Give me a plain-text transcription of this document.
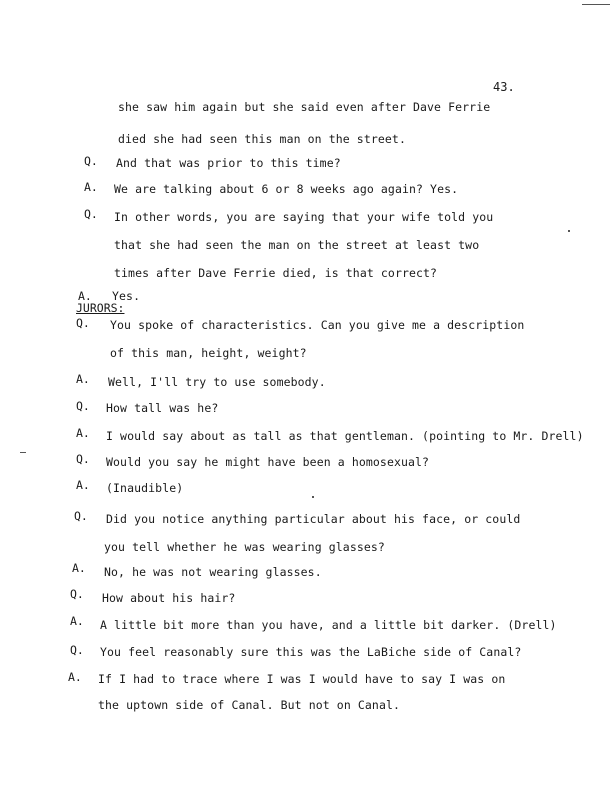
43.
she saw him again but she said even after Dave Ferrie
died she had seen this man on the street.
Q. And that was prior to this time?
A. We are talking about 6 or 8 weeks ago again? Yes.
Q. In other words, you are saying that your wife told you
that she had seen the man on the street at least two
times after Dave Ferrie died, is that correct?
A. Yes.
JURORS:
Q. You spoke of characteristics. Can you give me a description
of this man, height, weight?
A. Well, I'll try to use somebody.
Q. How tall was he?
A. I would say about as tall as that gentleman. (pointing to Mr. Drell)
Q. Would you say he might have been a homosexual?
A. (Inaudible)
Q. Did you notice anything particular about his face, or could
you tell whether he was wearing glasses?
A. No, he was not wearing glasses.
Q. How about his hair?
A. A little bit more than you have, and a little bit darker. (Drell)
Q. You feel reasonably sure this was the LaBiche side of Canal?
A. If I had to trace where I was I would have to say I was on
the uptown side of Canal. But not on Canal.
